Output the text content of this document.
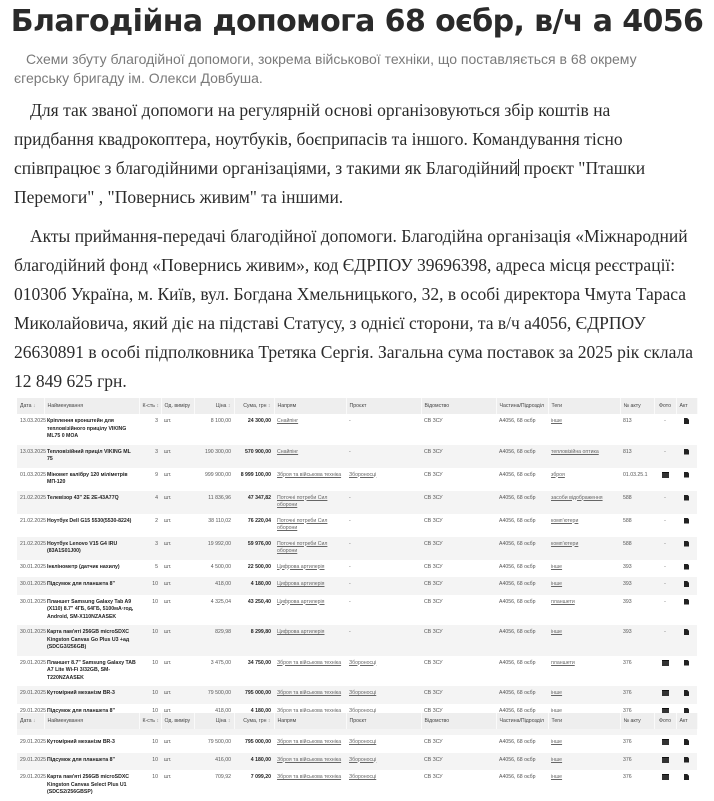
Благодійна допомога 68 оєбр, в/ч а 4056

Схеми збуту благодійної допомоги, зокрема військової техніки, що поставляється в 68 окрему єгерську бригаду ім. Олекси Довбуша.

Для так званої допомоги на регулярній основі організовуються збір коштів на придбання квадрокоптера, ноутбуків, боєприпасів та іншого. Командування тісно співпрацює з благодійними організаціями, з такими як Благодійний проєкт "Пташки Перемоги" , "Повернись живим" та іншими.

Акты приймання-передачі благодійної допомоги. Благодійна організація «Міжнародний благодійний фонд «Повернись живим», код ЄДРПОУ 39696398, адреса місця реєстрації: 01030б Україна, м. Київ, вул. Богдана Хмельницького, 32, в особі директора Чмута Тараса Миколайовича, який діє на підставі Статусу, з однієї сторони, та в/ч а4056, ЄДРПОУ 26630891 в особі підполковника Третяка Сергія. Загальна сума поставок за 2025 рік склала 12 849 625 грн.

Дата ↓	Найменування	К-сть ↕	Од. виміру	Ціна ↕	Сума, грн ↕	Напрям	Проєкт	Відомство	Частина/Підрозділ	Теги	№ акту	Фото	Акт
13.03.2025	Кріплення кронштейн для тепловізійного прицілу VIKING ML75 0 MOA	3	шт.	8 100,00	24 300,00	Снайпінг	-	СВ ЗСУ	А4056, 68 оєбр	інше	813	-	
13.03.2025	Тепловізійний приціл VIKING ML 75	3	шт.	190 300,00	570 900,00	Снайпінг	-	СВ ЗСУ	А4056, 68 оєбр	тепловізійна оптика	813	-	
01.03.2025	Міномет калібру 120 міліметрів МП-120	9	шт.	999 900,00	8 999 100,00	Зброя та військова техніка	Збороносці	СВ ЗСУ	А4056, 68 оєбр	зброя	01.03.25.1		
21.02.2025	Телевізор 43" 2E 2E-43A77Q	4	шт.	11 836,96	47 347,82	Поточні потреби Сил оборони	-	СВ ЗСУ	А4056, 68 оєбр	засоби відображення	588	-	
21.02.2025	Ноутбук Dell G15 5530(5530-8224)	2	шт.	38 110,02	76 220,04	Поточні потреби Сил оборони	-	СВ ЗСУ	А4056, 68 оєбр	комп'ютери	588	-	
21.02.2025	Ноутбук Lenovo V15 G4 IRU (83A1S01J00)	3	шт.	19 992,00	59 976,00	Поточні потреби Сил оборони	-	СВ ЗСУ	А4056, 68 оєбр	комп'ютери	588	-	
30.01.2025	Інклінометр (датчик нахилу)	5	шт.	4 500,00	22 500,00	Цифрова артилерія	-	СВ ЗСУ	А4056, 68 оєбр	інше	393	-	
30.01.2025	Підсумок для планшета 8"	10	шт.	418,00	4 180,00	Цифрова артилерія	-	СВ ЗСУ	А4056, 68 оєбр	інше	393	-	
30.01.2025	Планшет Samsung Galaxy Tab A9 (X110) 8.7" 4ГБ, 64ГБ, 5100мА·год, Android, SM-X110NZAASEK	10	шт.	4 325,04	43 250,40	Цифрова артилерія	-	СВ ЗСУ	А4056, 68 оєбр	планшети	393	-	
30.01.2025	Карта пам'яті 256GB microSDXC Kingston Canvas Go Plus U3 +ад (SDCG3/256GB)	10	шт.	829,98	8 299,80	Цифрова артилерія	-	СВ ЗСУ	А4056, 68 оєбр	інше	393	-	
29.01.2025	Планшет 8.7" Samsung Galaxy TAB A7 Lite Wi-Fi 3/32GB, SM-T220NZAASEK	10	шт.	3 475,00	34 750,00	Зброя та військова техніка	Збороносці	СВ ЗСУ	А4056, 68 оєбр	планшети	376		
29.01.2025	Кутомірний механізм ВR-3	10	шт.	79 500,00	795 000,00	Зброя та військова техніка	Збороносці	СВ ЗСУ	А4056, 68 оєбр	інше	376		
29.01.2025	Підсумок для планшета 8"	10	шт.	418,00	4 180,00	Зброя та військова техніка	Збороносці	СВ ЗСУ	А4056, 68 оєбр	інше	376		

Дата ↓	Найменування	К-сть ↕	Од. виміру	Ціна ↕	Сума, грн ↕	Напрям	Проєкт	Відомство	Частина/Підрозділ	Теги	№ акту	Фото	Акт

29.01.2025	Кутомірний механізм ВR-3	10	шт.	79 500,00	795 000,00	Зброя та військова техніка	Збороносці	СВ ЗСУ	А4056, 68 оєбр	інше	376		
29.01.2025	Підсумок для планшета 8"	10	шт.	416,00	4 180,00	Зброя та військова техніка	Збороносці	СВ ЗСУ	А4056, 68 оєбр	інше	376		
29.01.2025	Карта пам'яті 256GB microSDXC Kingston Canvas Select Plus U1 (SDCS2/256GBSP)	10	шт.	709,92	7 099,20	Зброя та військова техніка	Збороносці	СВ ЗСУ	А4056, 68 оєбр	інше	376		
